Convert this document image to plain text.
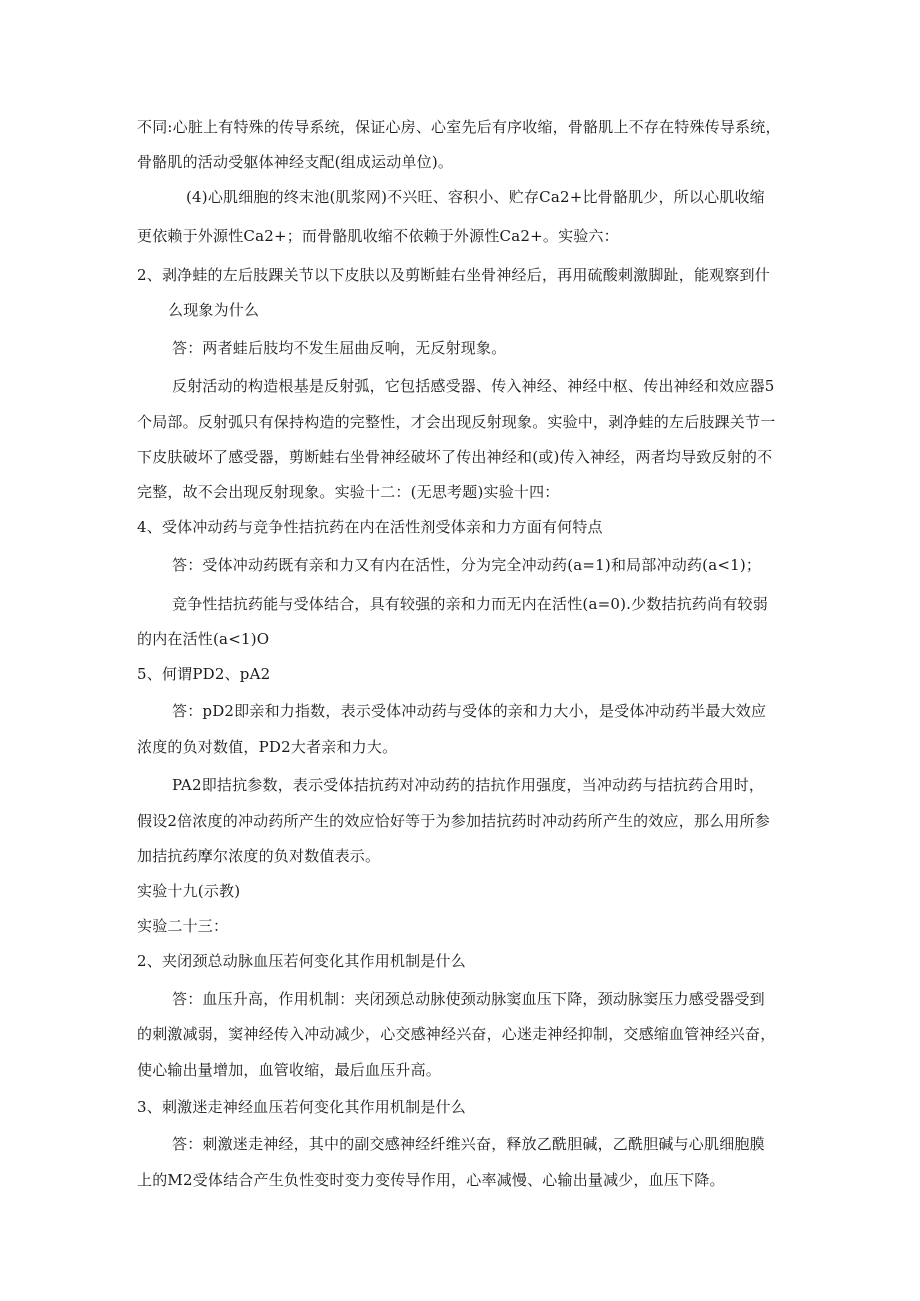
不同:心脏上有特殊的传导系统，保证心房、心室先后有序收缩，骨骼肌上不存在特殊传导系统，
骨骼肌的活动受躯体神经支配(组成运动单位)。
(4)心肌细胞的终末池(肌浆网)不兴旺、容积小、贮存Ca2+比骨骼肌少，所以心肌收缩
更依赖于外源性Ca2+；而骨骼肌收缩不依赖于外源性Ca2+。实验六：
2、剥净蛙的左后肢踝关节以下皮肤以及剪断蛙右坐骨神经后，再用硫酸刺激脚趾，能观察到什
么现象为什么
答：两者蛙后肢均不发生屈曲反响，无反射现象。
反射活动的构造根基是反射弧，它包括感受器、传入神经、神经中枢、传出神经和效应器5
个局部。反射弧只有保持构造的完整性，才会出现反射现象。实验中，剥净蛙的左后肢踝关节一
下皮肤破坏了感受器，剪断蛙右坐骨神经破坏了传出神经和(或)传入神经，两者均导致反射的不
完整，故不会出现反射现象。实验十二：(无思考题)实验十四：
4、受体冲动药与竞争性拮抗药在内在活性剂受体亲和力方面有何特点
答：受体冲动药既有亲和力又有内在活性，分为完全冲动药(a=1)和局部冲动药(a<1)；
竞争性拮抗药能与受体结合，具有较强的亲和力而无内在活性(a=0).少数拮抗药尚有较弱
的内在活性(a<1)O
5、何谓PD2、pA2
答：pD2即亲和力指数，表示受体冲动药与受体的亲和力大小，是受体冲动药半最大效应
浓度的负对数值，PD2大者亲和力大。
PA2即拮抗参数，表示受体拮抗药对冲动药的拮抗作用强度，当冲动药与拮抗药合用时，
假设2倍浓度的冲动药所产生的效应恰好等于为参加拮抗药时冲动药所产生的效应，那么用所参
加拮抗药摩尔浓度的负对数值表示。
实验十九(示教)
实验二十三：
2、夹闭颈总动脉血压若何变化其作用机制是什么
答：血压升高，作用机制：夹闭颈总动脉使颈动脉窦血压下降，颈动脉窦压力感受器受到
的刺激减弱，窦神经传入冲动减少，心交感神经兴奋，心迷走神经抑制，交感缩血管神经兴奋，
使心输出量增加，血管收缩，最后血压升高。
3、刺激迷走神经血压若何变化其作用机制是什么
答：刺激迷走神经，其中的副交感神经纤维兴奋，释放乙酰胆碱，乙酰胆碱与心肌细胞膜
上的M2受体结合产生负性变时变力变传导作用，心率减慢、心输出量减少，血压下降。
